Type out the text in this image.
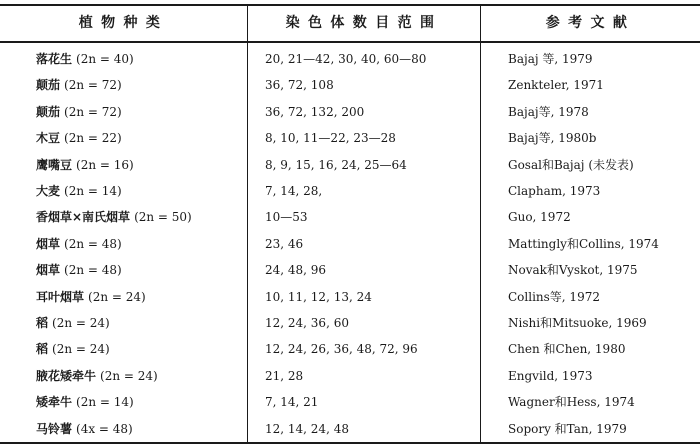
植物种类	染色体数目范围	参考文献
落花生 (2n = 40)	20, 21—42, 30, 40, 60—80	Bajaj 等, 1979
颠茄 (2n = 72)	36, 72, 108	Zenkteler, 1971
颠茄 (2n = 72)	36, 72, 132, 200	Bajaj等, 1978
木豆 (2n = 22)	8, 10, 11—22, 23—28	Bajaj等, 1980b
鹰嘴豆 (2n = 16)	8, 9, 15, 16, 24, 25—64	Gosal和Bajaj (未发表)
大麦 (2n = 14)	7, 14, 28,	Clapham, 1973
香烟草×南氏烟草 (2n = 50)	10—53	Guo, 1972
烟草 (2n = 48)	23, 46	Mattingly和Collins, 1974
烟草 (2n = 48)	24, 48, 96	Novak和Vyskot, 1975
耳叶烟草 (2n = 24)	10, 11, 12, 13, 24	Collins等, 1972
稻 (2n = 24)	12, 24, 36, 60	Nishi和Mitsuoke, 1969
稻 (2n = 24)	12, 24, 26, 36, 48, 72, 96	Chen 和Chen, 1980
腋花矮牵牛 (2n = 24)	21, 28	Engvild, 1973
矮牵牛 (2n = 14)	7, 14, 21	Wagner和Hess, 1974
马铃薯 (4x = 48)	12, 14, 24, 48	Sopory 和Tan, 1979
